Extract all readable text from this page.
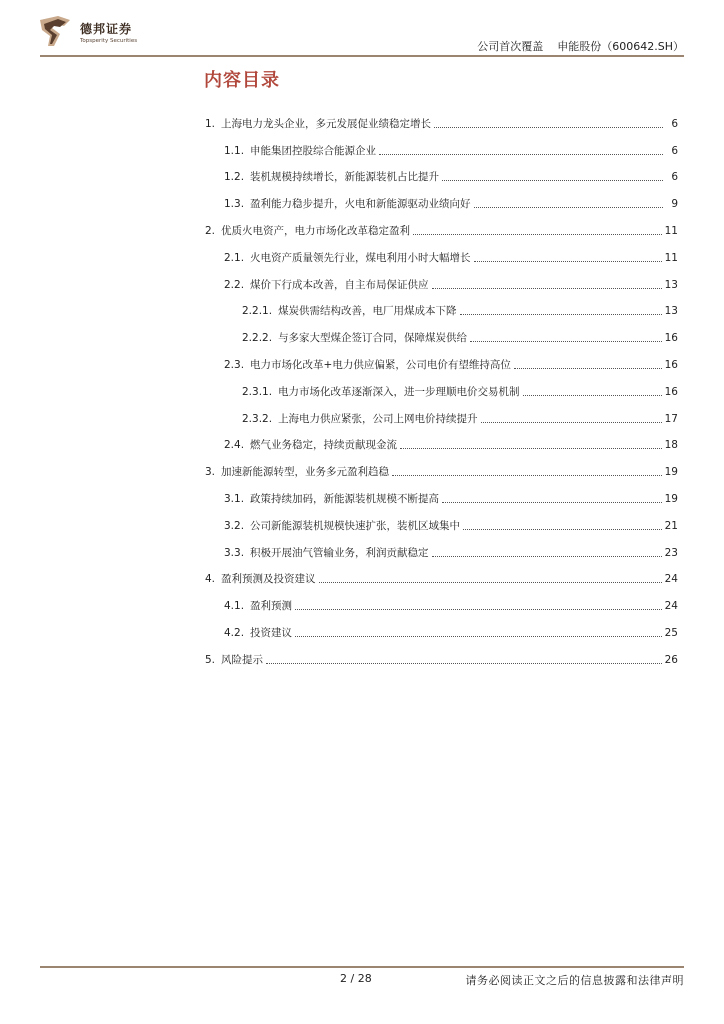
德邦证券
Topsperity Securities	公司首次覆盖 申能股份（600642.SH）
内容目录
1. 上海电力龙头企业，多元发展促业绩稳定增长	6
1.1. 申能集团控股综合能源企业	6
1.2. 装机规模持续增长，新能源装机占比提升	6
1.3. 盈利能力稳步提升，火电和新能源驱动业绩向好	9
2. 优质火电资产，电力市场化改革稳定盈利	11
2.1. 火电资产质量领先行业，煤电利用小时大幅增长	11
2.2. 煤价下行成本改善，自主布局保证供应	13
2.2.1. 煤炭供需结构改善，电厂用煤成本下降	13
2.2.2. 与多家大型煤企签订合同，保障煤炭供给	16
2.3. 电力市场化改革+电力供应偏紧，公司电价有望维持高位	16
2.3.1. 电力市场化改革逐渐深入，进一步理顺电价交易机制	16
2.3.2. 上海电力供应紧张，公司上网电价持续提升	17
2.4. 燃气业务稳定，持续贡献现金流	18
3. 加速新能源转型，业务多元盈利趋稳	19
3.1. 政策持续加码，新能源装机规模不断提高	19
3.2. 公司新能源装机规模快速扩张，装机区域集中	21
3.3. 积极开展油气管输业务，利润贡献稳定	23
4. 盈利预测及投资建议	24
4.1. 盈利预测	24
4.2. 投资建议	25
5. 风险提示	26
2 / 28	请务必阅读正文之后的信息披露和法律声明
